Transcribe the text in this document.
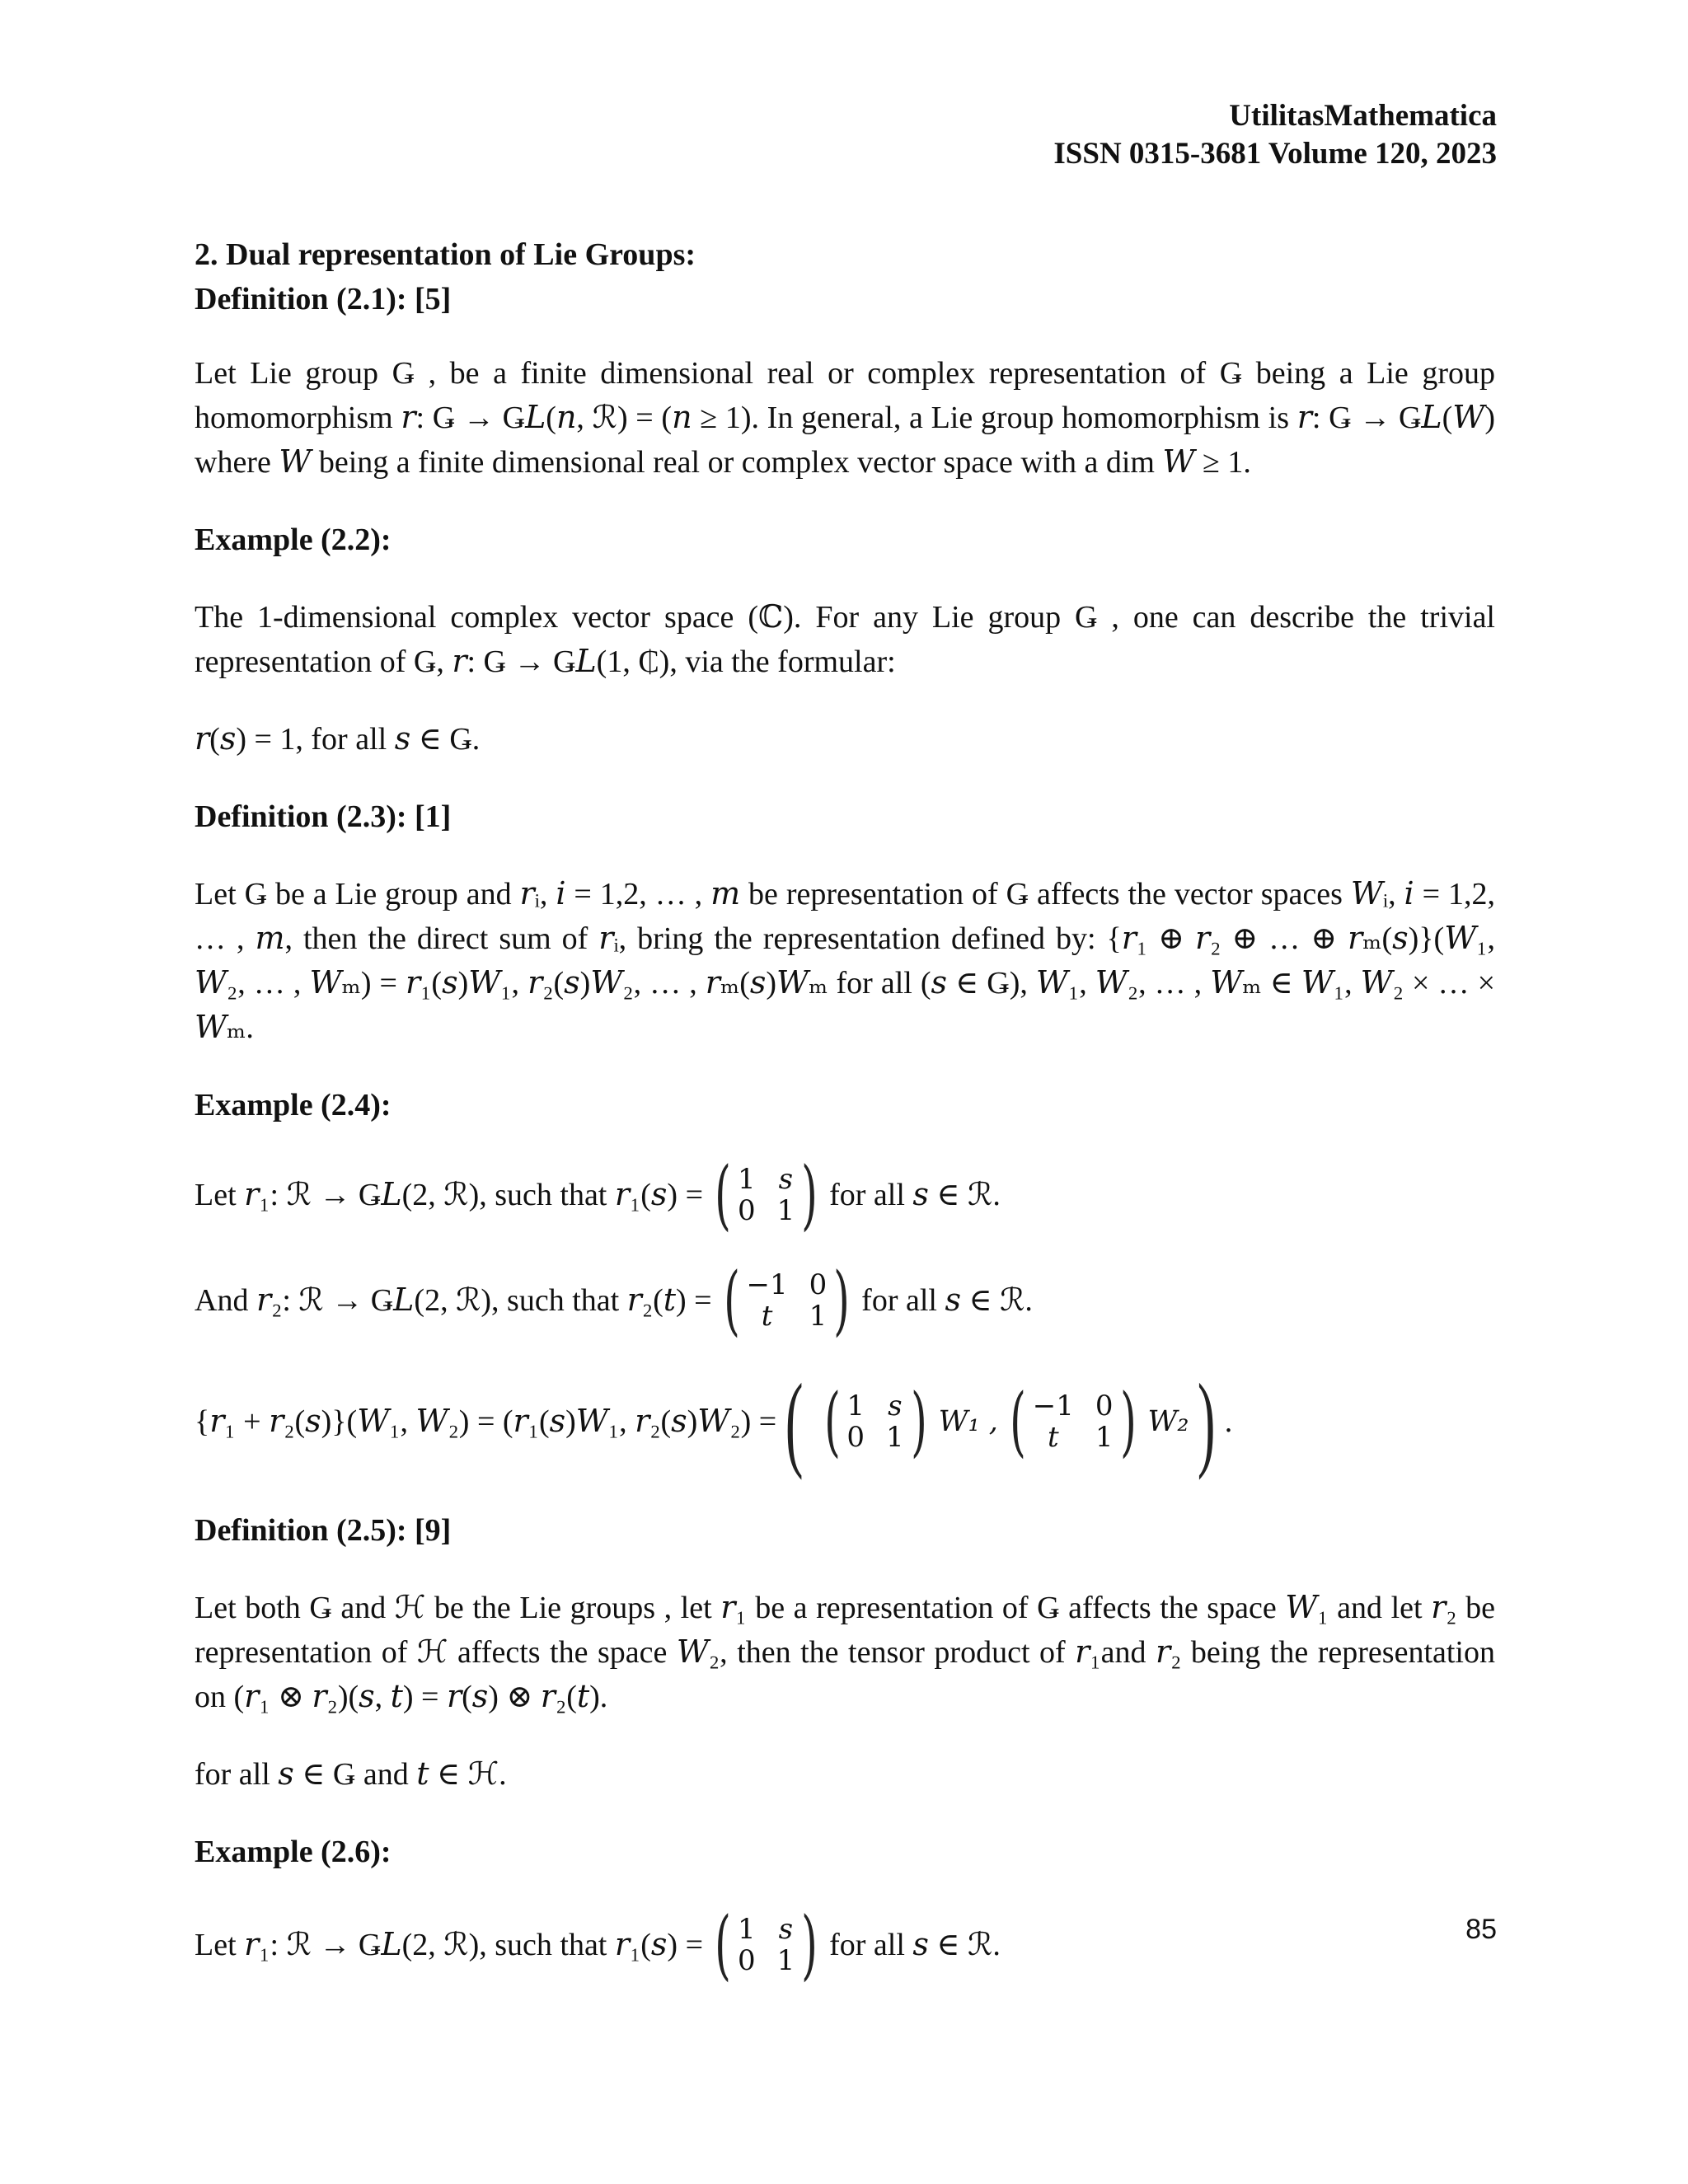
UtilitasMathematica
ISSN 0315-3681 Volume 120, 2023

2. Dual representation of Lie Groups:

Definition (2.1): [5]

Let Lie group Ǥ , be a finite dimensional real or complex representation of Ǥ being a Lie group homomorphism 𝑟: Ǥ → Ǥ𝐿(𝑛, ℛ) = (𝑛 ≥ 1). In general, a Lie group homomorphism is 𝑟: Ǥ → Ǥ𝐿(𝑊) where 𝑊 being a finite dimensional real or complex vector space with a dim 𝑊 ≥ 1.

Example (2.2):

The 1-dimensional complex vector space (ℂ). For any Lie group Ǥ , one can describe the trivial representation of Ǥ, 𝑟: Ǥ → Ǥ𝐿(1, ₵), via the formular:

𝑟(𝑠) = 1, for all 𝑠 ∈ Ǥ.

Definition (2.3): [1]

Let Ǥ be a Lie group and 𝑟ᵢ, 𝑖 = 1,2, … , 𝑚 be representation of Ǥ affects the vector spaces 𝑊ᵢ, 𝑖 = 1,2, … , 𝑚, then the direct sum of 𝑟ᵢ, bring the representation defined by: {𝑟₁ ⊕ 𝑟₂ ⊕ … ⊕ 𝑟ₘ(𝑠)}(𝑊₁, 𝑊₂, … , 𝑊ₘ) = 𝑟₁(𝑠)𝑊₁, 𝑟₂(𝑠)𝑊₂, … , 𝑟ₘ(𝑠)𝑊ₘ for all (𝑠 ∈ Ǥ), 𝑊₁, 𝑊₂, … , 𝑊ₘ ∈ 𝑊₁, 𝑊₂ × … × 𝑊ₘ.

Example (2.4):

Let 𝑟₁: ℛ → Ǥ𝐿(2, ℛ), such that 𝑟₁(𝑠) = ( 1 s
0 1 ) for all 𝑠 ∈ ℛ.
And 𝑟₂: ℛ → Ǥ𝐿(2, ℛ), such that 𝑟₂(𝑡) = ( −1 0
t	1 ) for all 𝑠 ∈ ℛ.
{𝑟₁ + 𝑟₂(𝑠)}(𝑊₁, 𝑊₂) = (𝑟₁(𝑠)𝑊₁, 𝑟₂(𝑠)𝑊₂) = ( ( 1 s
0 1 ) W₁ , ( −1 0
t	1 ) W₂ ) .

Definition (2.5): [9]

Let both Ǥ and ℋ be the Lie groups , let 𝑟₁ be a representation of Ǥ affects the space 𝑊₁ and let 𝑟₂ be representation of ℋ affects the space 𝑊₂, then the tensor product of 𝑟₁and 𝑟₂ being the representation on (𝑟₁ ⊗ 𝑟₂)(𝑠, 𝑡) = 𝑟(𝑠) ⊗ 𝑟₂(𝑡).

for all 𝑠 ∈ Ǥ and 𝑡 ∈ ℋ.

Example (2.6):

Let 𝑟₁: ℛ → Ǥ𝐿(2, ℛ), such that 𝑟₁(𝑠) = ( 1 s
0 1 ) for all 𝑠 ∈ ℛ.	85
